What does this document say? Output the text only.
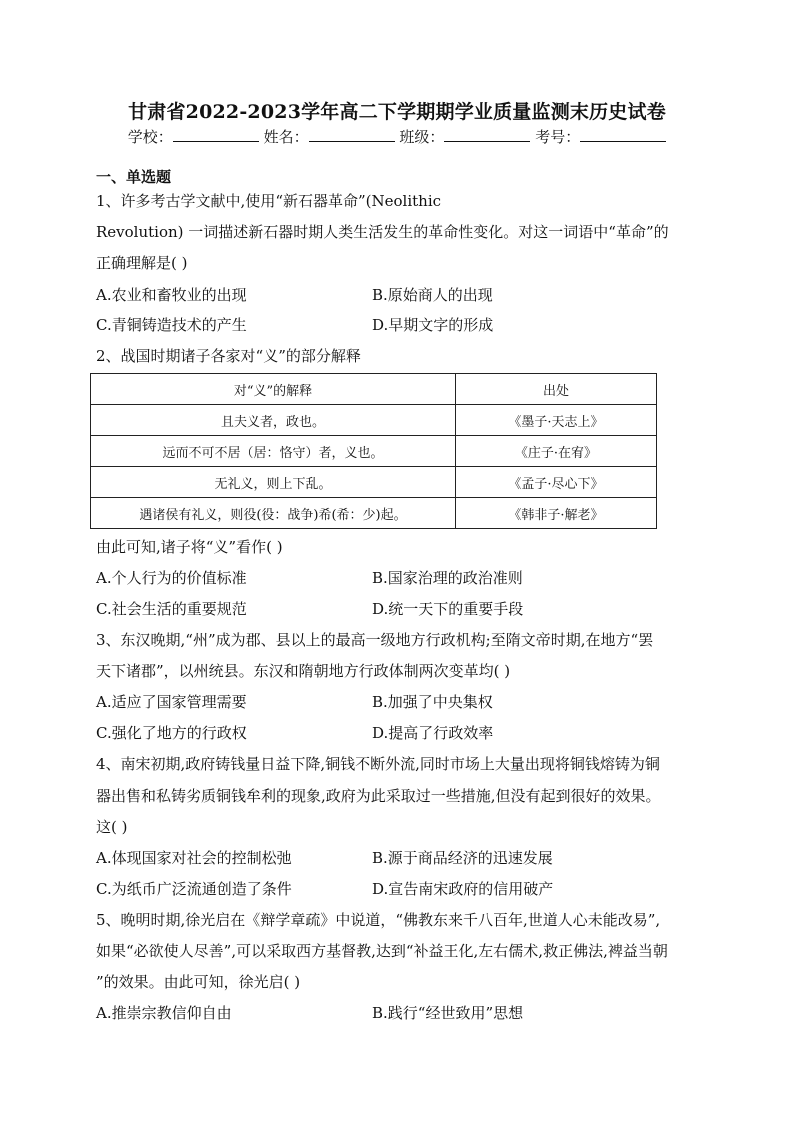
甘肃省2022-2023学年高二下学期期学业质量监测末历史试卷
学校：	姓名：	班级：	考号：
一、单选题
1、许多考古学文献中,使用“新石器革命”(Neolithic
Revolution) 一词描述新石器时期人类生活发生的革命性变化。对这一词语中“革命”的
正确理解是( )
A.农业和畜牧业的出现	B.原始商人的出现
C.青铜铸造技术的产生	D.早期文字的形成
2、战国时期诸子各家对“义”的部分解释
对“义”的解释	出处
且夫义者，政也。	《墨子·天志上》
远而不可不居（居：恪守）者，义也。	《庄子·在宥》
无礼义，则上下乱。	《孟子·尽心下》
遇诸侯有礼义，则役(役：战争)希(希：少)起。	《韩非子·解老》
由此可知,诸子将“义”看作( )
A.个人行为的价值标准	B.国家治理的政治准则
C.社会生活的重要规范	D.统一天下的重要手段
3、东汉晚期,“州”成为郡、县以上的最高一级地方行政机构;至隋文帝时期,在地方“罢
天下诸郡”，以州统县。东汉和隋朝地方行政体制两次变革均( )
A.适应了国家管理需要	B.加强了中央集权
C.强化了地方的行政权	D.提高了行政效率
4、南宋初期,政府铸钱量日益下降,铜钱不断外流,同时市场上大量出现将铜钱熔铸为铜
器出售和私铸劣质铜钱牟利的现象,政府为此采取过一些措施,但没有起到很好的效果。
这( )
A.体现国家对社会的控制松弛	B.源于商品经济的迅速发展
C.为纸币广泛流通创造了条件	D.宣告南宋政府的信用破产
5、晚明时期,徐光启在《辩学章疏》中说道，“佛教东来千八百年,世道人心未能改易”,
如果“必欲使人尽善”,可以采取西方基督教,达到“补益王化,左右儒术,救正佛法,裨益当朝
”的效果。由此可知，徐光启( )
A.推崇宗教信仰自由	B.践行“经世致用”思想
